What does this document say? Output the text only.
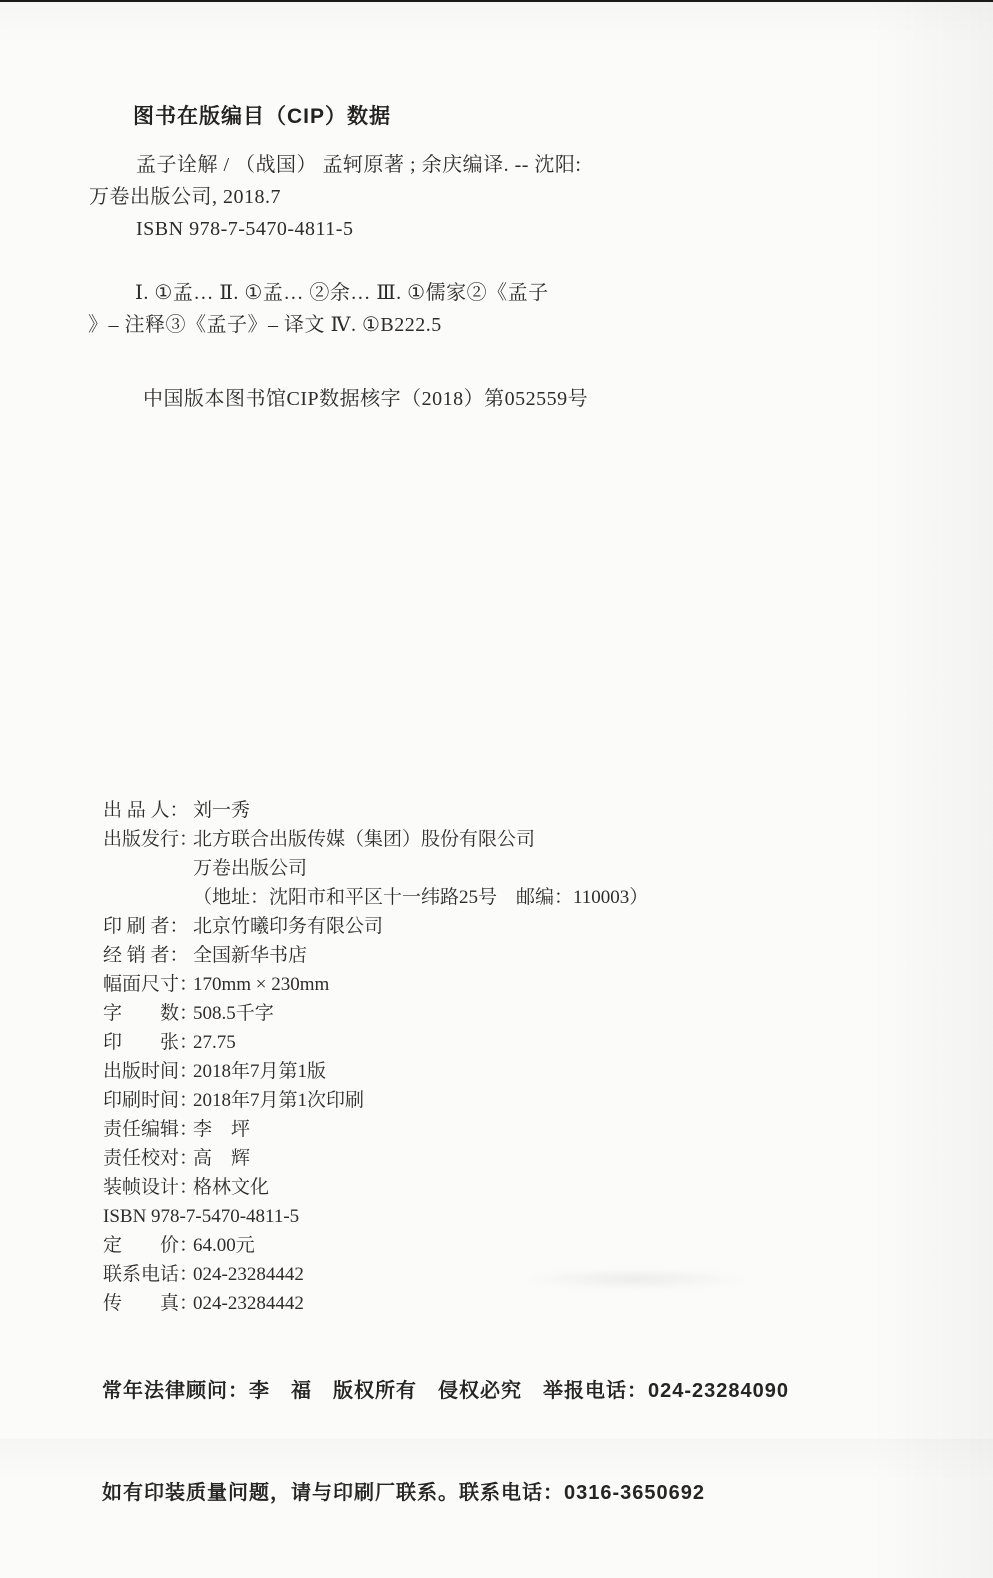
图书在版编目（CIP）数据
孟子诠解 / （战国） 孟轲原著 ; 余庆编译. -- 沈阳:
万卷出版公司, 2018.7
ISBN 978-7-5470-4811-5
Ⅰ. ①孟… Ⅱ. ①孟… ②余… Ⅲ. ①儒家②《孟子
》– 注释③《孟子》– 译文 Ⅳ. ①B222.5
中国版本图书馆CIP数据核字（2018）第052559号
出 品 人： 刘一秀
出版发行：
北方联合出版传媒（集团）股份有限公司
万卷出版公司
（地址：沈阳市和平区十一纬路25号　邮编：110003）
印 刷 者： 北京竹曦印务有限公司
经 销 者： 全国新华书店
幅面尺寸：
170mm × 230mm
字　　数：
508.5千字
印　　张：
27.75
出版时间：
2018年7月第1版
印刷时间：
2018年7月第1次印刷
责任编辑：
李　坪
责任校对：
高　辉
装帧设计：
格林文化
ISBN 978-7-5470-4811-5
定　　价：
64.00元
联系电话：
024-23284442
传　　真：
024-23284442

常年法律顾问：李　福　版权所有　侵权必究　举报电话：024-23284090

如有印装质量问题，请与印刷厂联系。联系电话：0316-3650692
